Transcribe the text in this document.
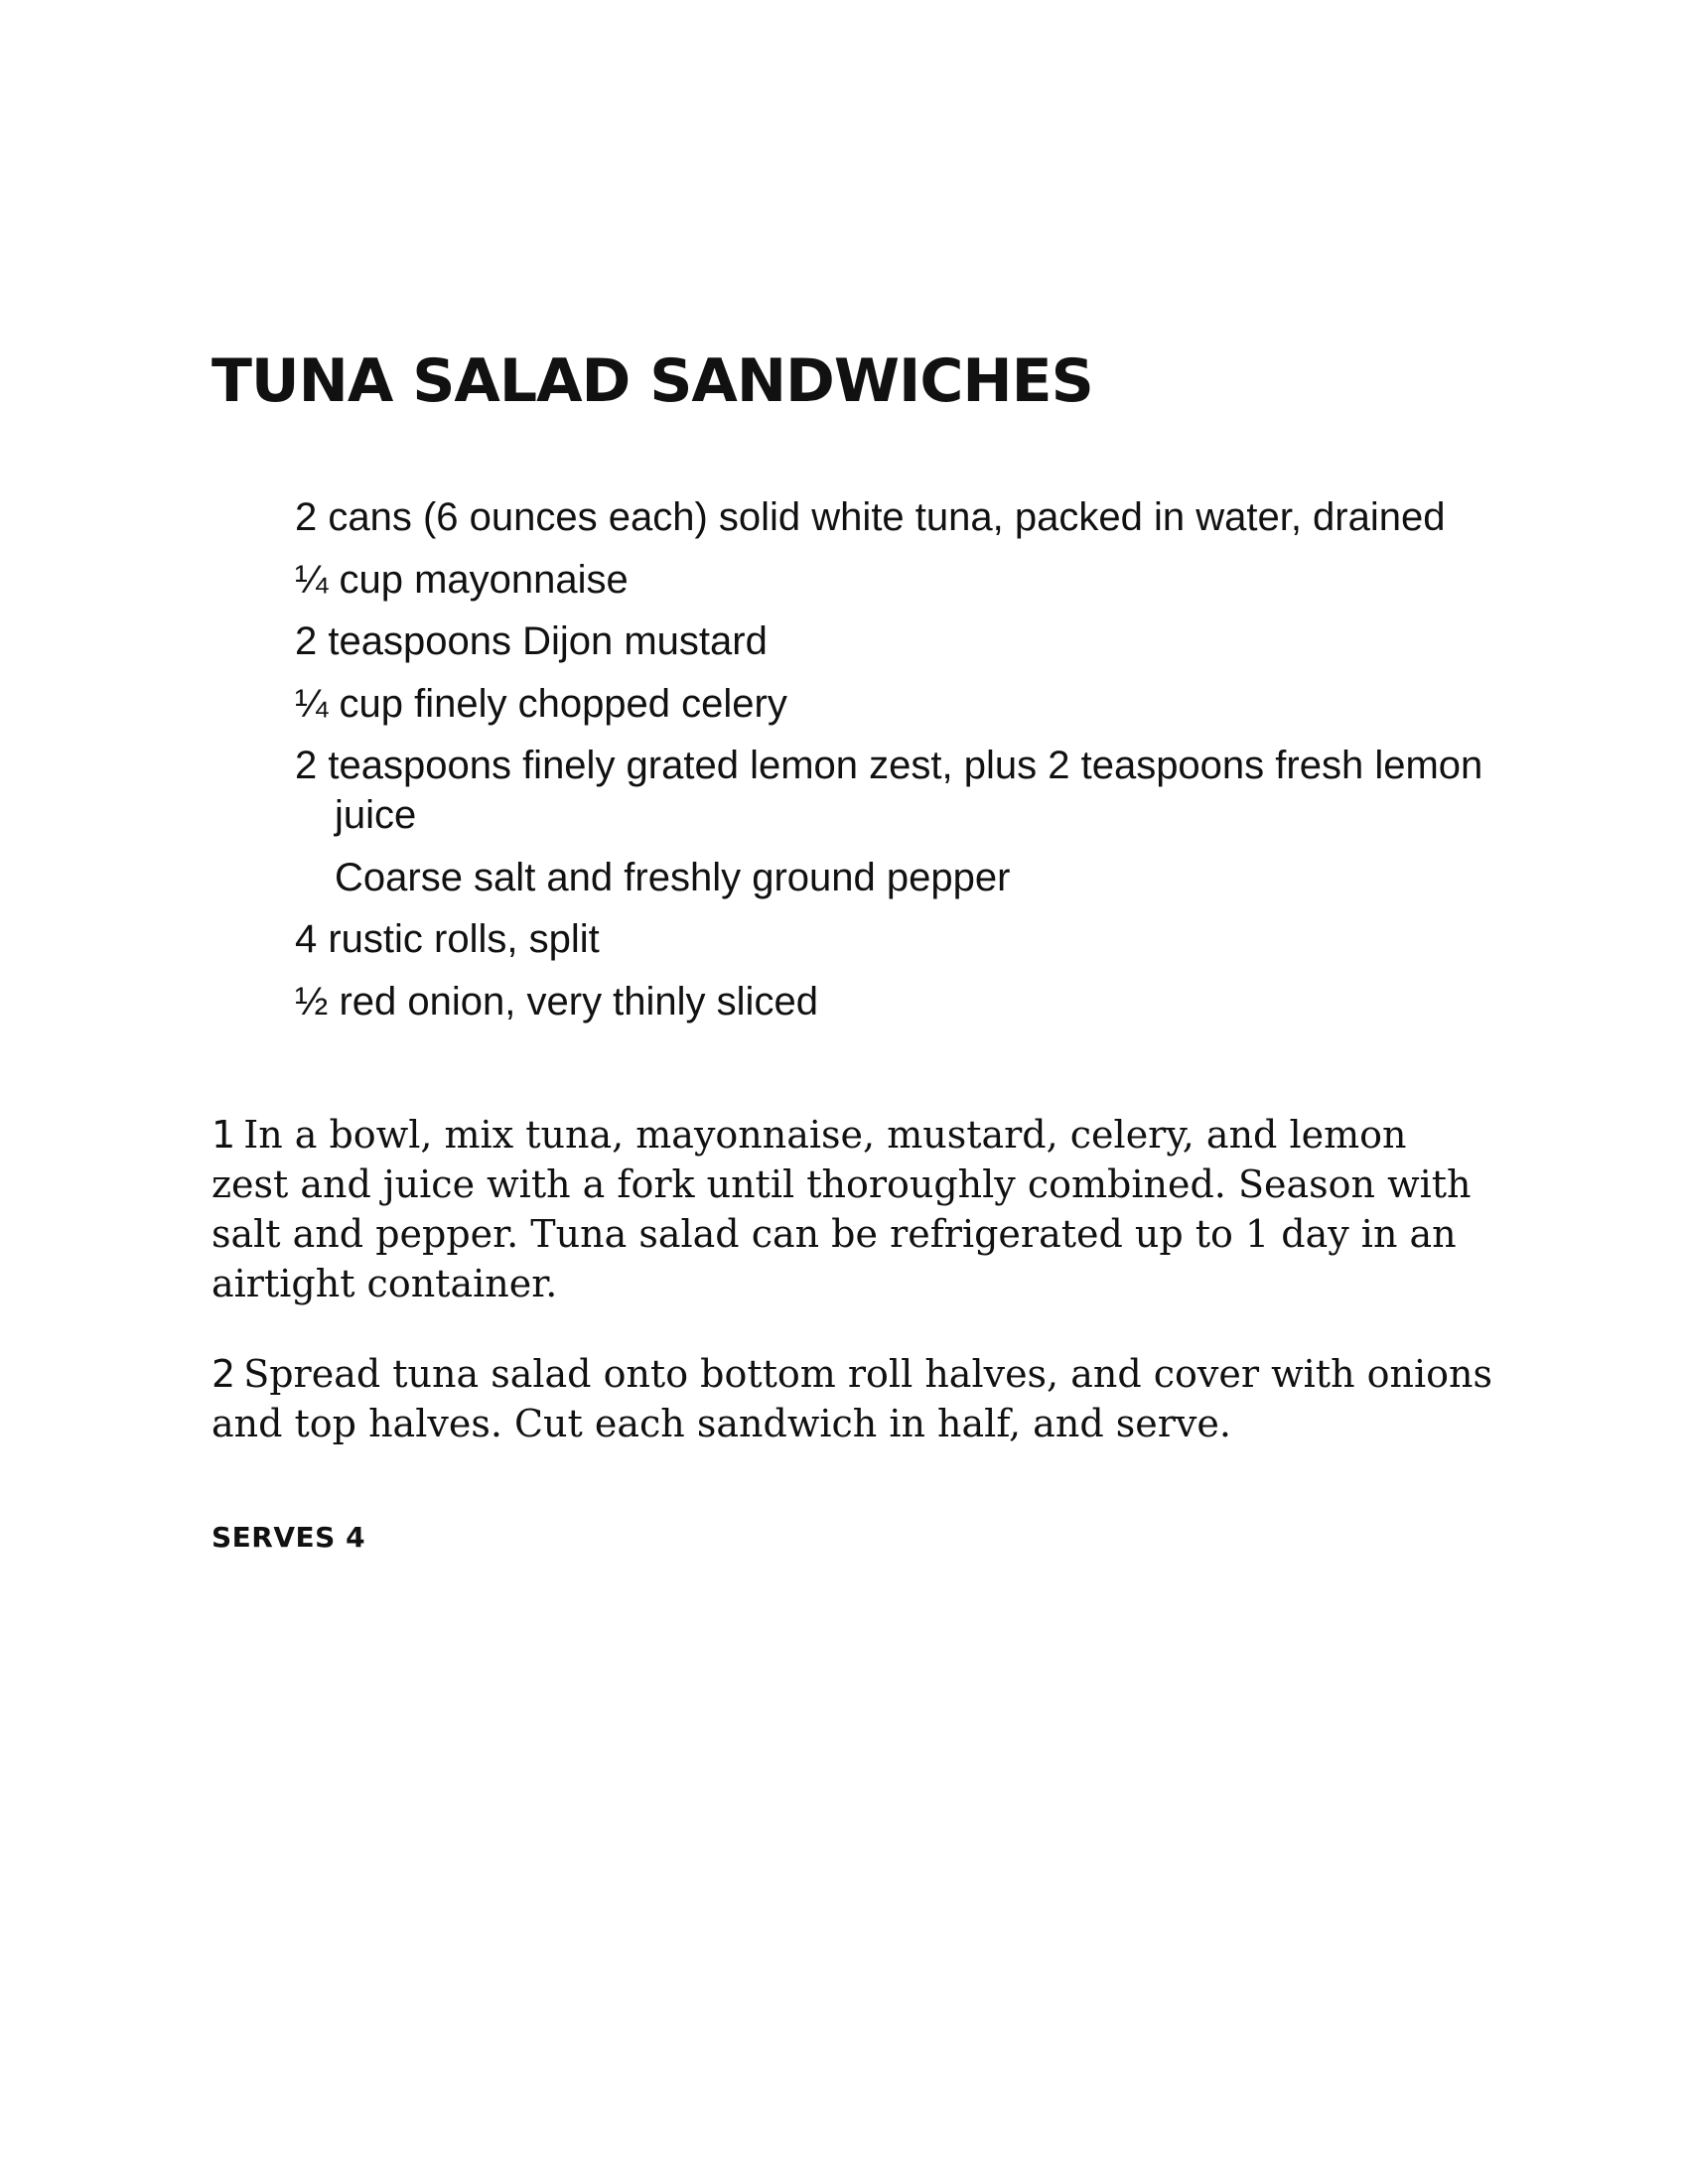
TUNA SALAD SANDWICHES
2 cans (6 ounces each) solid white tuna, packed in water, drained
¼ cup mayonnaise
2 teaspoons Dijon mustard
¼ cup finely chopped celery
2 teaspoons finely grated lemon zest, plus 2 teaspoons fresh lemon juice
Coarse salt and freshly ground pepper
4 rustic rolls, split
½ red onion, very thinly sliced

1 In a bowl, mix tuna, mayonnaise, mustard, celery, and lemon zest and juice with a fork until thoroughly combined. Season with salt and pepper. Tuna salad can be refrigerated up to 1 day in an airtight container.

2 Spread tuna salad onto bottom roll halves, and cover with onions and top halves. Cut each sandwich in half, and serve.

SERVES 4
